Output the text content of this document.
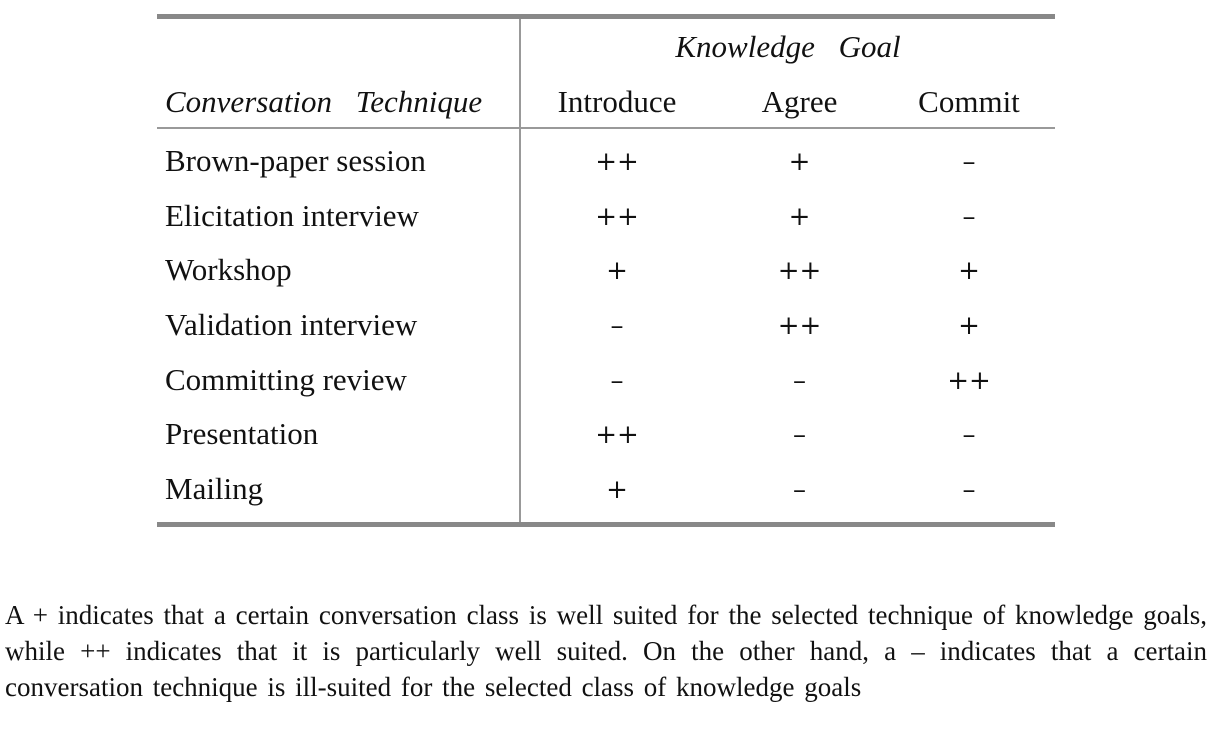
Knowledge Goal
Conversation Technique	Introduce	Agree	Commit
Brown-paper session	++	+	–
Elicitation interview	++	+	–
Workshop	+	++	+
Validation interview	–	++	+
Committing review	–	–	++
Presentation	++	–	–
Mailing	+	–	–

A + indicates that a certain conversation class is well suited for the selected technique of knowledge goals, while ++ indicates that it is particularly well suited. On the other hand, a – indicates that a certain conversation technique is ill-suited for the selected class of knowledge goals
